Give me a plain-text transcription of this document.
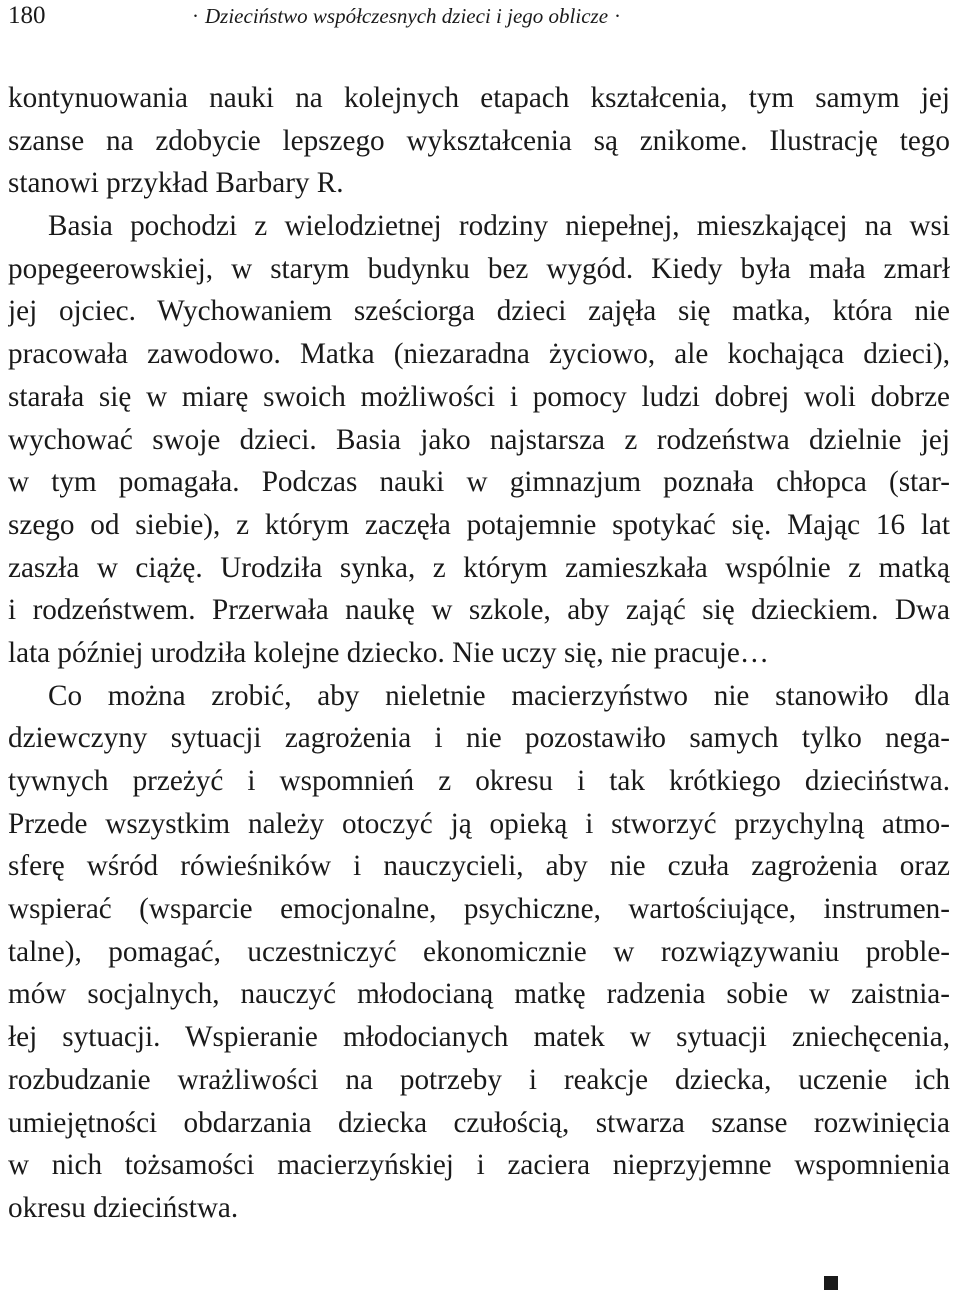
180	· Dzieciństwo współczesnych dzieci i jego oblicze ·
kontynuowania nauki na kolejnych etapach kształcenia, tym samym jej
szanse na zdobycie lepszego wykształcenia są znikome. Ilustrację tego
stanowi przykład Barbary R.
Basia pochodzi z wielodzietnej rodziny niepełnej, mieszkającej na wsi
popegeerowskiej, w starym budynku bez wygód. Kiedy była mała zmarł
jej ojciec. Wychowaniem sześciorga dzieci zajęła się matka, która nie
pracowała zawodowo. Matka (niezaradna życiowo, ale kochająca dzieci),
starała się w miarę swoich możliwości i pomocy ludzi dobrej woli dobrze
wychować swoje dzieci. Basia jako najstarsza z rodzeństwa dzielnie jej
w tym pomagała. Podczas nauki w gimnazjum poznała chłopca (star-
szego od siebie), z którym zaczęła potajemnie spotykać się. Mając 16 lat
zaszła w ciążę. Urodziła synka, z którym zamieszkała wspólnie z matką
i rodzeństwem. Przerwała naukę w szkole, aby zająć się dzieckiem. Dwa
lata później urodziła kolejne dziecko. Nie uczy się, nie pracuje…
Co można zrobić, aby nieletnie macierzyństwo nie stanowiło dla
dziewczyny sytuacji zagrożenia i nie pozostawiło samych tylko nega-
tywnych przeżyć i wspomnień z okresu i tak krótkiego dzieciństwa.
Przede wszystkim należy otoczyć ją opieką i stworzyć przychylną atmo-
sferę wśród rówieśników i nauczycieli, aby nie czuła zagrożenia oraz
wspierać (wsparcie emocjonalne, psychiczne, wartościujące, instrumen-
talne), pomagać, uczestniczyć ekonomicznie w rozwiązywaniu proble-
mów socjalnych, nauczyć młodocianą matkę radzenia sobie w zaistnia-
łej sytuacji. Wspieranie młodocianych matek w sytuacji zniechęcenia,
rozbudzanie wrażliwości na potrzeby i reakcje dziecka, uczenie ich
umiejętności obdarzania dziecka czułością, stwarza szanse rozwinięcia
w nich tożsamości macierzyńskiej i zaciera nieprzyjemne wspomnienia
okresu dzieciństwa.
